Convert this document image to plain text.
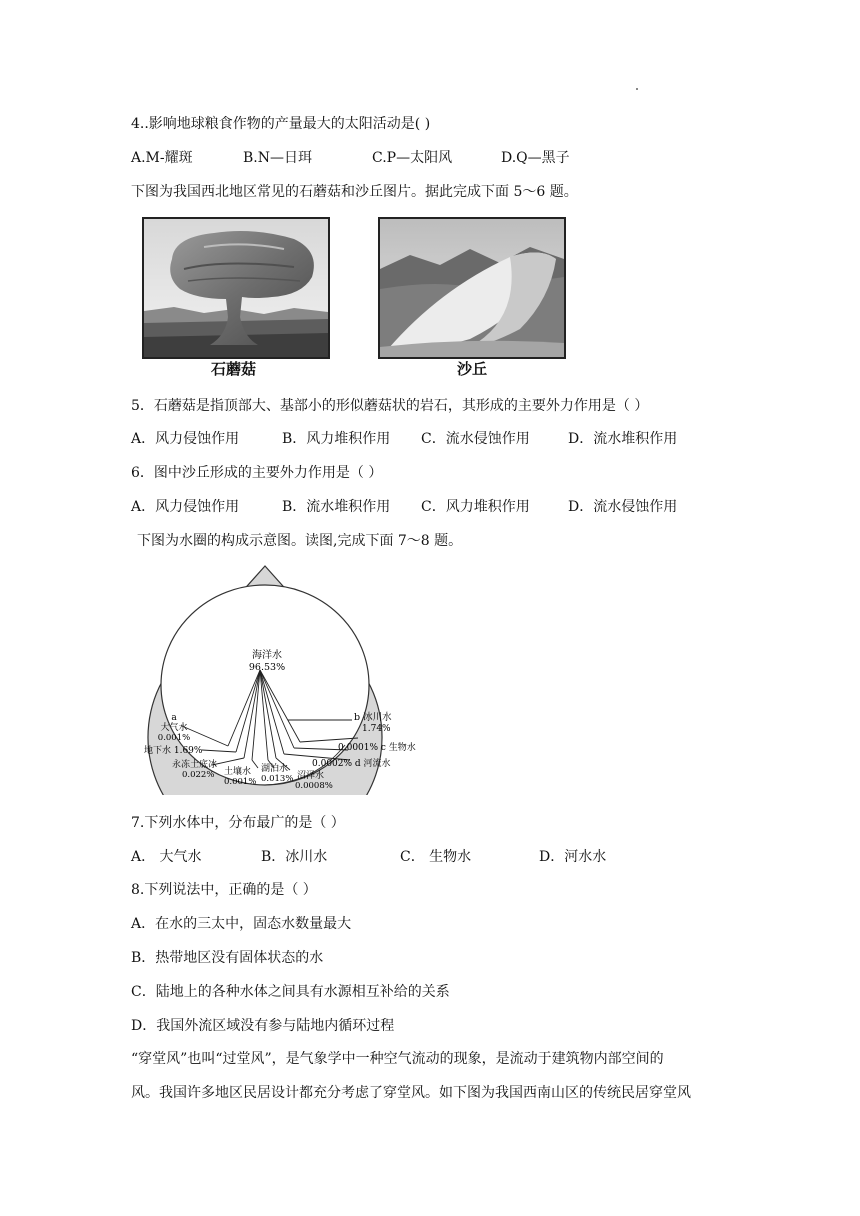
4..影响地球粮食作物的产量最大的太阳活动是( )
A.M-耀斑	B.N—日珥	C.P—太阳风	D.Q—黑子
下图为我国西北地区常见的石蘑菇和沙丘图片。据此完成下面 5～6 题。
石蘑菇	沙丘
5．石蘑菇是指顶部大、基部小的形似蘑菇状的岩石，其形成的主要外力作用是（ ）
A．风力侵蚀作用	B．风力堆积作用 C．流水侵蚀作用	D．流水堆积作用
6．图中沙丘形成的主要外力作用是（ ）
A．风力侵蚀作用	B．流水堆积作用 C．风力堆积作用	D．流水侵蚀作用
下图为水圈的构成示意图。读图,完成下面 7～8 题。
海洋水
96.53%
a
大气水
0.001%
地下水 1.69%
永冻土底冰
0.022% 土壤水
0.001%
湖泊水
0.013% 沼泽水
0.0008%
b 冰川水
1.74%
0.0001% c 生物水
0.0002% d 河流水
7.下列水体中，分布最广的是（ ）
A． 大气水	B．冰川水	C． 生物水	D．河水水
8.下列说法中，正确的是（ ）
A．在水的三太中，固态水数量最大
B．热带地区没有固体状态的水
C．陆地上的各种水体之间具有水源相互补给的关系
D．我国外流区域没有参与陆地内循环过程
“穿堂风”也叫“过堂风”，是气象学中一种空气流动的现象，是流动于建筑物内部空间的
风。我国许多地区民居设计都充分考虑了穿堂风。如下图为我国西南山区的传统民居穿堂风
